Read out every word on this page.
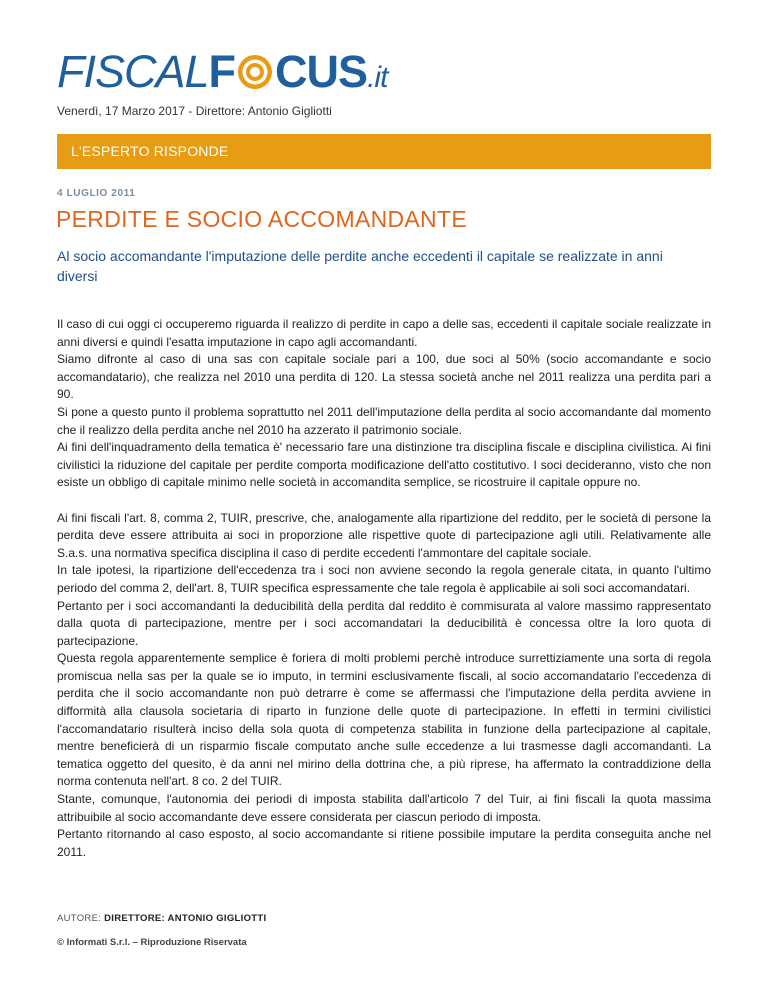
FISCALF CUS.it
Venerdì, 17 Marzo 2017 - Direttore: Antonio Gigliotti
L'ESPERTO RISPONDE
4 LUGLIO 2011
PERDITE E SOCIO ACCOMANDANTE

Al socio accomandante l'imputazione delle perdite anche eccedenti il capitale se realizzate in anni diversi

Il caso di cui oggi ci occuperemo riguarda il realizzo di perdite in capo a delle sas, eccedenti il capitale sociale realizzate in anni diversi e quindi l'esatta imputazione in capo agli accomandanti.

Siamo difronte al caso di una sas con capitale sociale pari a 100, due soci al 50% (socio accomandante e socio accomandatario), che realizza nel 2010 una perdita di 120. La stessa società anche nel 2011 realizza una perdita pari a 90.

Si pone a questo punto il problema soprattutto nel 2011 dell'imputazione della perdita al socio accomandante dal momento che il realizzo della perdita anche nel 2010 ha azzerato il patrimonio sociale.

Ai fini dell'inquadramento della tematica è' necessario fare una distinzione tra disciplina fiscale e disciplina civilistica. Ai fini civilistici la riduzione del capitale per perdite comporta modificazione dell'atto costitutivo. I soci decideranno, visto che non esiste un obbligo di capitale minimo nelle società in accomandita semplice, se ricostruire il capitale oppure no.

Ai fini fiscali l'art. 8, comma 2, TUIR, prescrive, che, analogamente alla ripartizione del reddito, per le società di persone la perdita deve essere attribuita ai soci in proporzione alle rispettive quote di partecipazione agli utili. Relativamente alle S.a.s. una normativa specifica disciplina il caso di perdite eccedenti l'ammontare del capitale sociale.

In tale ipotesi, la ripartizione dell'eccedenza tra i soci non avviene secondo la regola generale citata, in quanto l'ultimo periodo del comma 2, dell'art. 8, TUIR specifica espressamente che tale regola è applicabile ai soli soci accomandatari.

Pertanto per i soci accomandanti la deducibilità della perdita dal reddito è commisurata al valore massimo rappresentato dalla quota di partecipazione, mentre per i soci accomandatari la deducibilità è concessa oltre la loro quota di partecipazione.

Questa regola apparentemente semplice è foriera di molti problemi perchè introduce surrettiziamente una sorta di regola promiscua nella sas per la quale se io imputo, in termini esclusivamente fiscali, al socio accomandatario l'eccedenza di perdita che il socio accomandante non può detrarre è come se affermassi che l'imputazione della perdita avviene in difformità alla clausola societaria di riparto in funzione delle quote di partecipazione. In effetti in termini civilistici l'accomandatario risulterà inciso della sola quota di competenza stabilita in funzione della partecipazione al capitale, mentre beneficierà di un risparmio fiscale computato anche sulle eccedenze a lui trasmesse dagli accomandanti. La tematica oggetto del quesito, è da anni nel mirino della dottrina che, a più riprese, ha affermato la contraddizione della norma contenuta nell'art. 8 co. 2 del TUIR.

Stante, comunque, l'autonomia dei periodi di imposta stabilita dall'articolo 7 del Tuir, ai fini fiscali la quota massima attribuibile al socio accomandante deve essere considerata per ciascun periodo di imposta.

Pertanto ritornando al caso esposto, al socio accomandante si ritiene possibile imputare la perdita conseguita anche nel 2011.

AUTORE: DIRETTORE: ANTONIO GIGLIOTTI
© Informati S.r.l. – Riproduzione Riservata
